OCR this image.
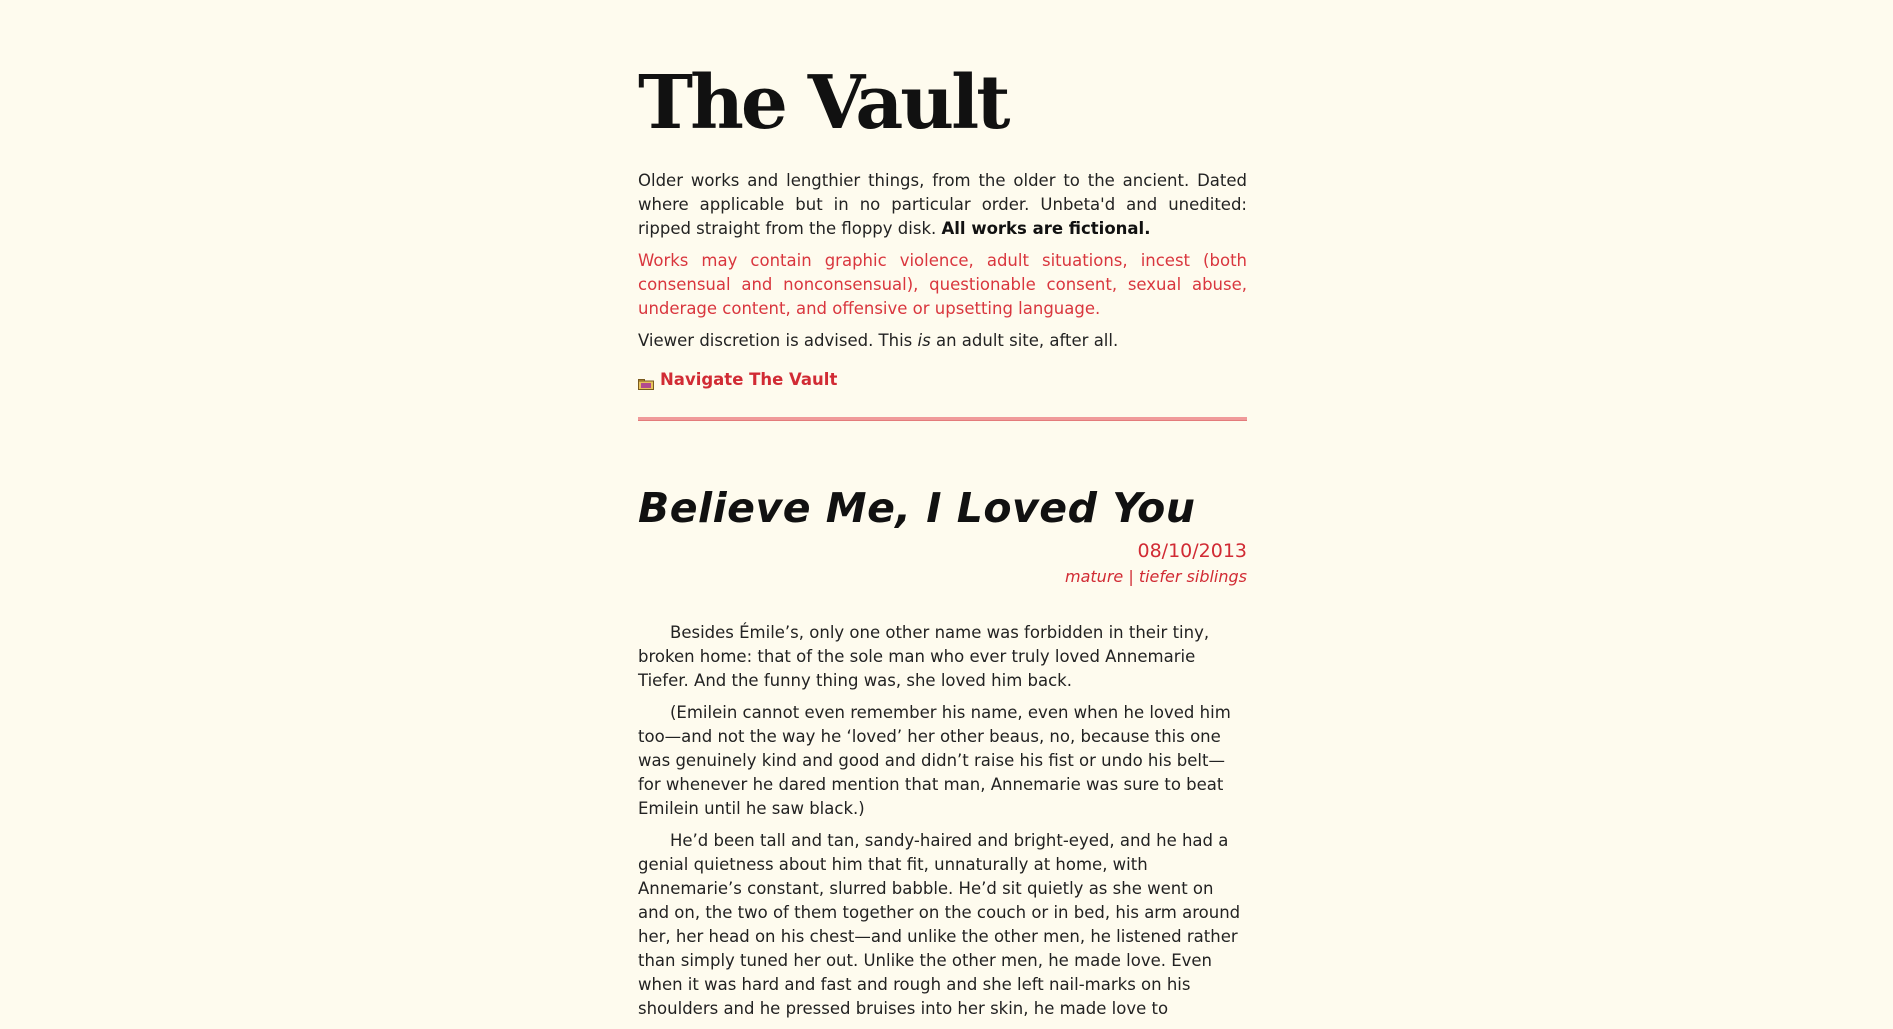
The Vault

Older works and lengthier things, from the older to the ancient. Dated where applicable but in no particular order. Unbeta'd and unedited: ripped straight from the floppy disk. All works are fictional.

Works may contain graphic violence, adult situations, incest (both consensual and nonconsensual), questionable consent, sexual abuse, underage content, and offensive or upsetting language.

Viewer discretion is advised. This is an adult site, after all.

Navigate The Vault
Believe Me, I Loved You
08/10/2013
mature | tiefer siblings

Besides Émile’s, only one other name was forbidden in their tiny, broken home: that of the sole man who ever truly loved Annemarie Tiefer. And the funny thing was, she loved him back.

(Emilein cannot even remember his name, even when he loved him too—and not the way he ‘loved’ her other beaus, no, because this one was genuinely kind and good and didn’t raise his fist or undo his belt—for whenever he dared mention that man, Annemarie was sure to beat Emilein until he saw black.)

He’d been tall and tan, sandy-haired and bright-eyed, and he had a genial quietness about him that fit, unnaturally at home, with Annemarie’s constant, slurred babble. He’d sit quietly as she went on and on, the two of them together on the couch or in bed, his arm around her, her head on his chest—and unlike the other men, he listened rather than simply tuned her out. Unlike the other men, he made love. Even when it was hard and fast and rough and she left nail-marks on his shoulders and he pressed bruises into her skin, he made love to
